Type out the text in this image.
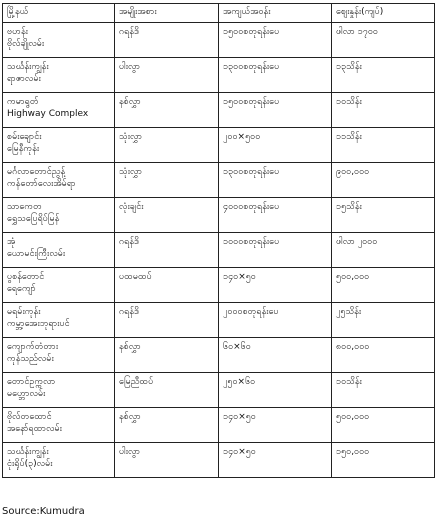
မြို့နယ်	အမျိုးအစား	အကျယ်အဝန်း	ဈေးနှုန်း(ကျပ်)

ဗဟန်း
ဗိုလ်ချိုလမ်း	ဂရန်ဒိ	၁၅၀၀စတုရန်းပေ	ဖါလာ ၁၇၀၀

သင်္ဃန်းကျွန်း
ရာဇာလမ်း	ပါးလွာ	၁၃၀၀စတုရန်းပေ	၁၃သိန်း

ကမာရွတ်
Highway Complex	နစ်လွှာ	၁၅၀၀စတုရန်းပေ	၁၀သိန်း

စမ်းချောင်း
မြေနီကုန်း	သုံးလွှာ	၂၀၀×၅၀၀	၁၁သိန်း

မင်္ဂလာတောင်ညွန့်
ကန်တော်လေးအိမ်ရာ	သုံးလွှာ	၁၃၀၀စတုရန်းပေ	၉၀၀,၀၀၀

သာကေတ
ရွှေသပြေရိပ်မြန်	လုံးချင်း	၄၀၀၀စတုရန်းပေ	၁၅သိန်း

အုံ
ယောမင်းကြီးလမ်း	ဂရန်ဒိ	၁၀၀၀စတုရန်းပေ	ဖါလာ ၂၀၀၀

ပွစန်တောင်
ရေကျော်	ပထမထပ်	၁၄၀×၅၀	၅၀၀,၀၀၀

မရမ်းကုန်း
ကမ္ဘာ့အေးဘုရားပင်	ဂရန်ဒိ	၂၀၀၀စတုရန်းပေ	၂၅သိန်း

ကျောက်တံတား
ကုန်သည်လမ်း	နစ်လွှာ	၆၀×၆၀	၈၀၀,၀၀၀

တောင်ဥက္ကလာ
မဟ္ဘောလမ်း	မြေညီထပ်	၂၅၀×၆၀	၁၀သိန်း

ဗိုလ်တထောင်
အနော်ရထာလမ်း	နစ်လွှာ	၁၄၀×၅၀	၅၀၀,၀၀၀

သင်္ဃန်းကျွန်း
ငုံးရိုပ်(၃)လမ်း	ပါးလွာ	၁၄၀×၅၀	၁၅၀,၀၀၀
Source:Kumudra
